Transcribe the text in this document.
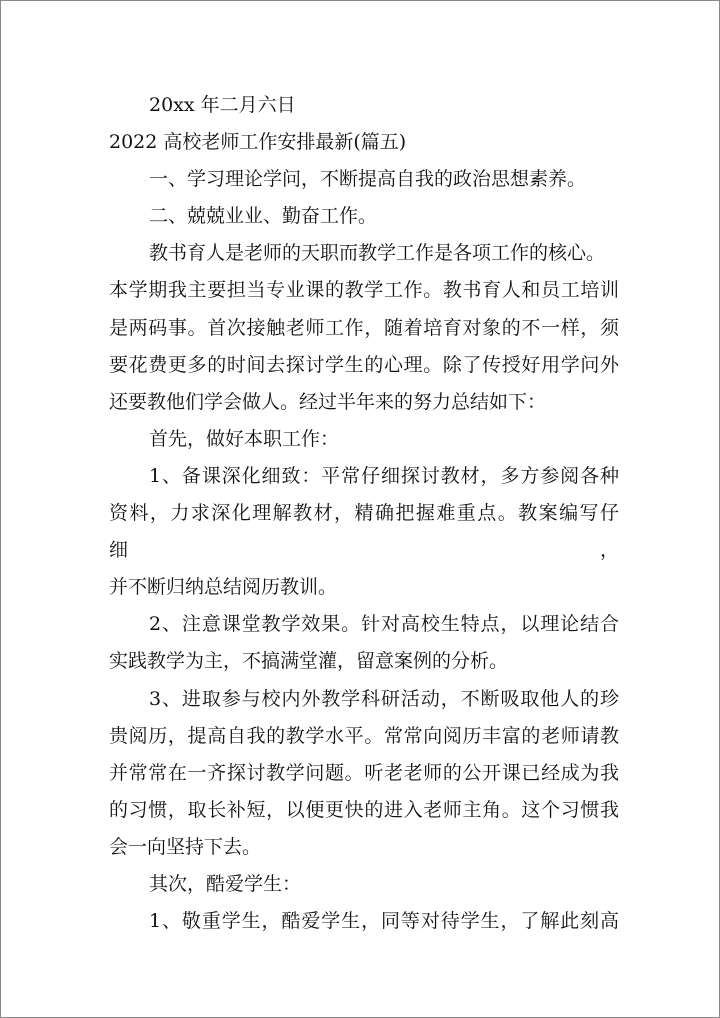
20xx 年二月六日

2022 高校老师工作安排最新(篇五)

一、学习理论学问，不断提高自我的政治思想素养。

二、兢兢业业、勤奋工作。

教书育人是老师的天职而教学工作是各项工作的核心。

本学期我主要担当专业课的教学工作。教书育人和员工培训

是两码事。首次接触老师工作，随着培育对象的不一样，须

要花费更多的时间去探讨学生的心理。除了传授好用学问外

还要教他们学会做人。经过半年来的努力总结如下：

首先，做好本职工作：

1、备课深化细致：平常仔细探讨教材，多方参阅各种

资料，力求深化理解教材，精确把握难重点。教案编写仔细，

并不断归纳总结阅历教训。

2、注意课堂教学效果。针对高校生特点，以理论结合

实践教学为主，不搞满堂灌，留意案例的分析。

3、进取参与校内外教学科研活动，不断吸取他人的珍

贵阅历，提高自我的教学水平。常常向阅历丰富的老师请教

并常常在一齐探讨教学问题。听老老师的公开课已经成为我

的习惯，取长补短，以便更快的进入老师主角。这个习惯我

会一向坚持下去。

其次，酷爱学生：

1、敬重学生，酷爱学生，同等对待学生，了解此刻高
